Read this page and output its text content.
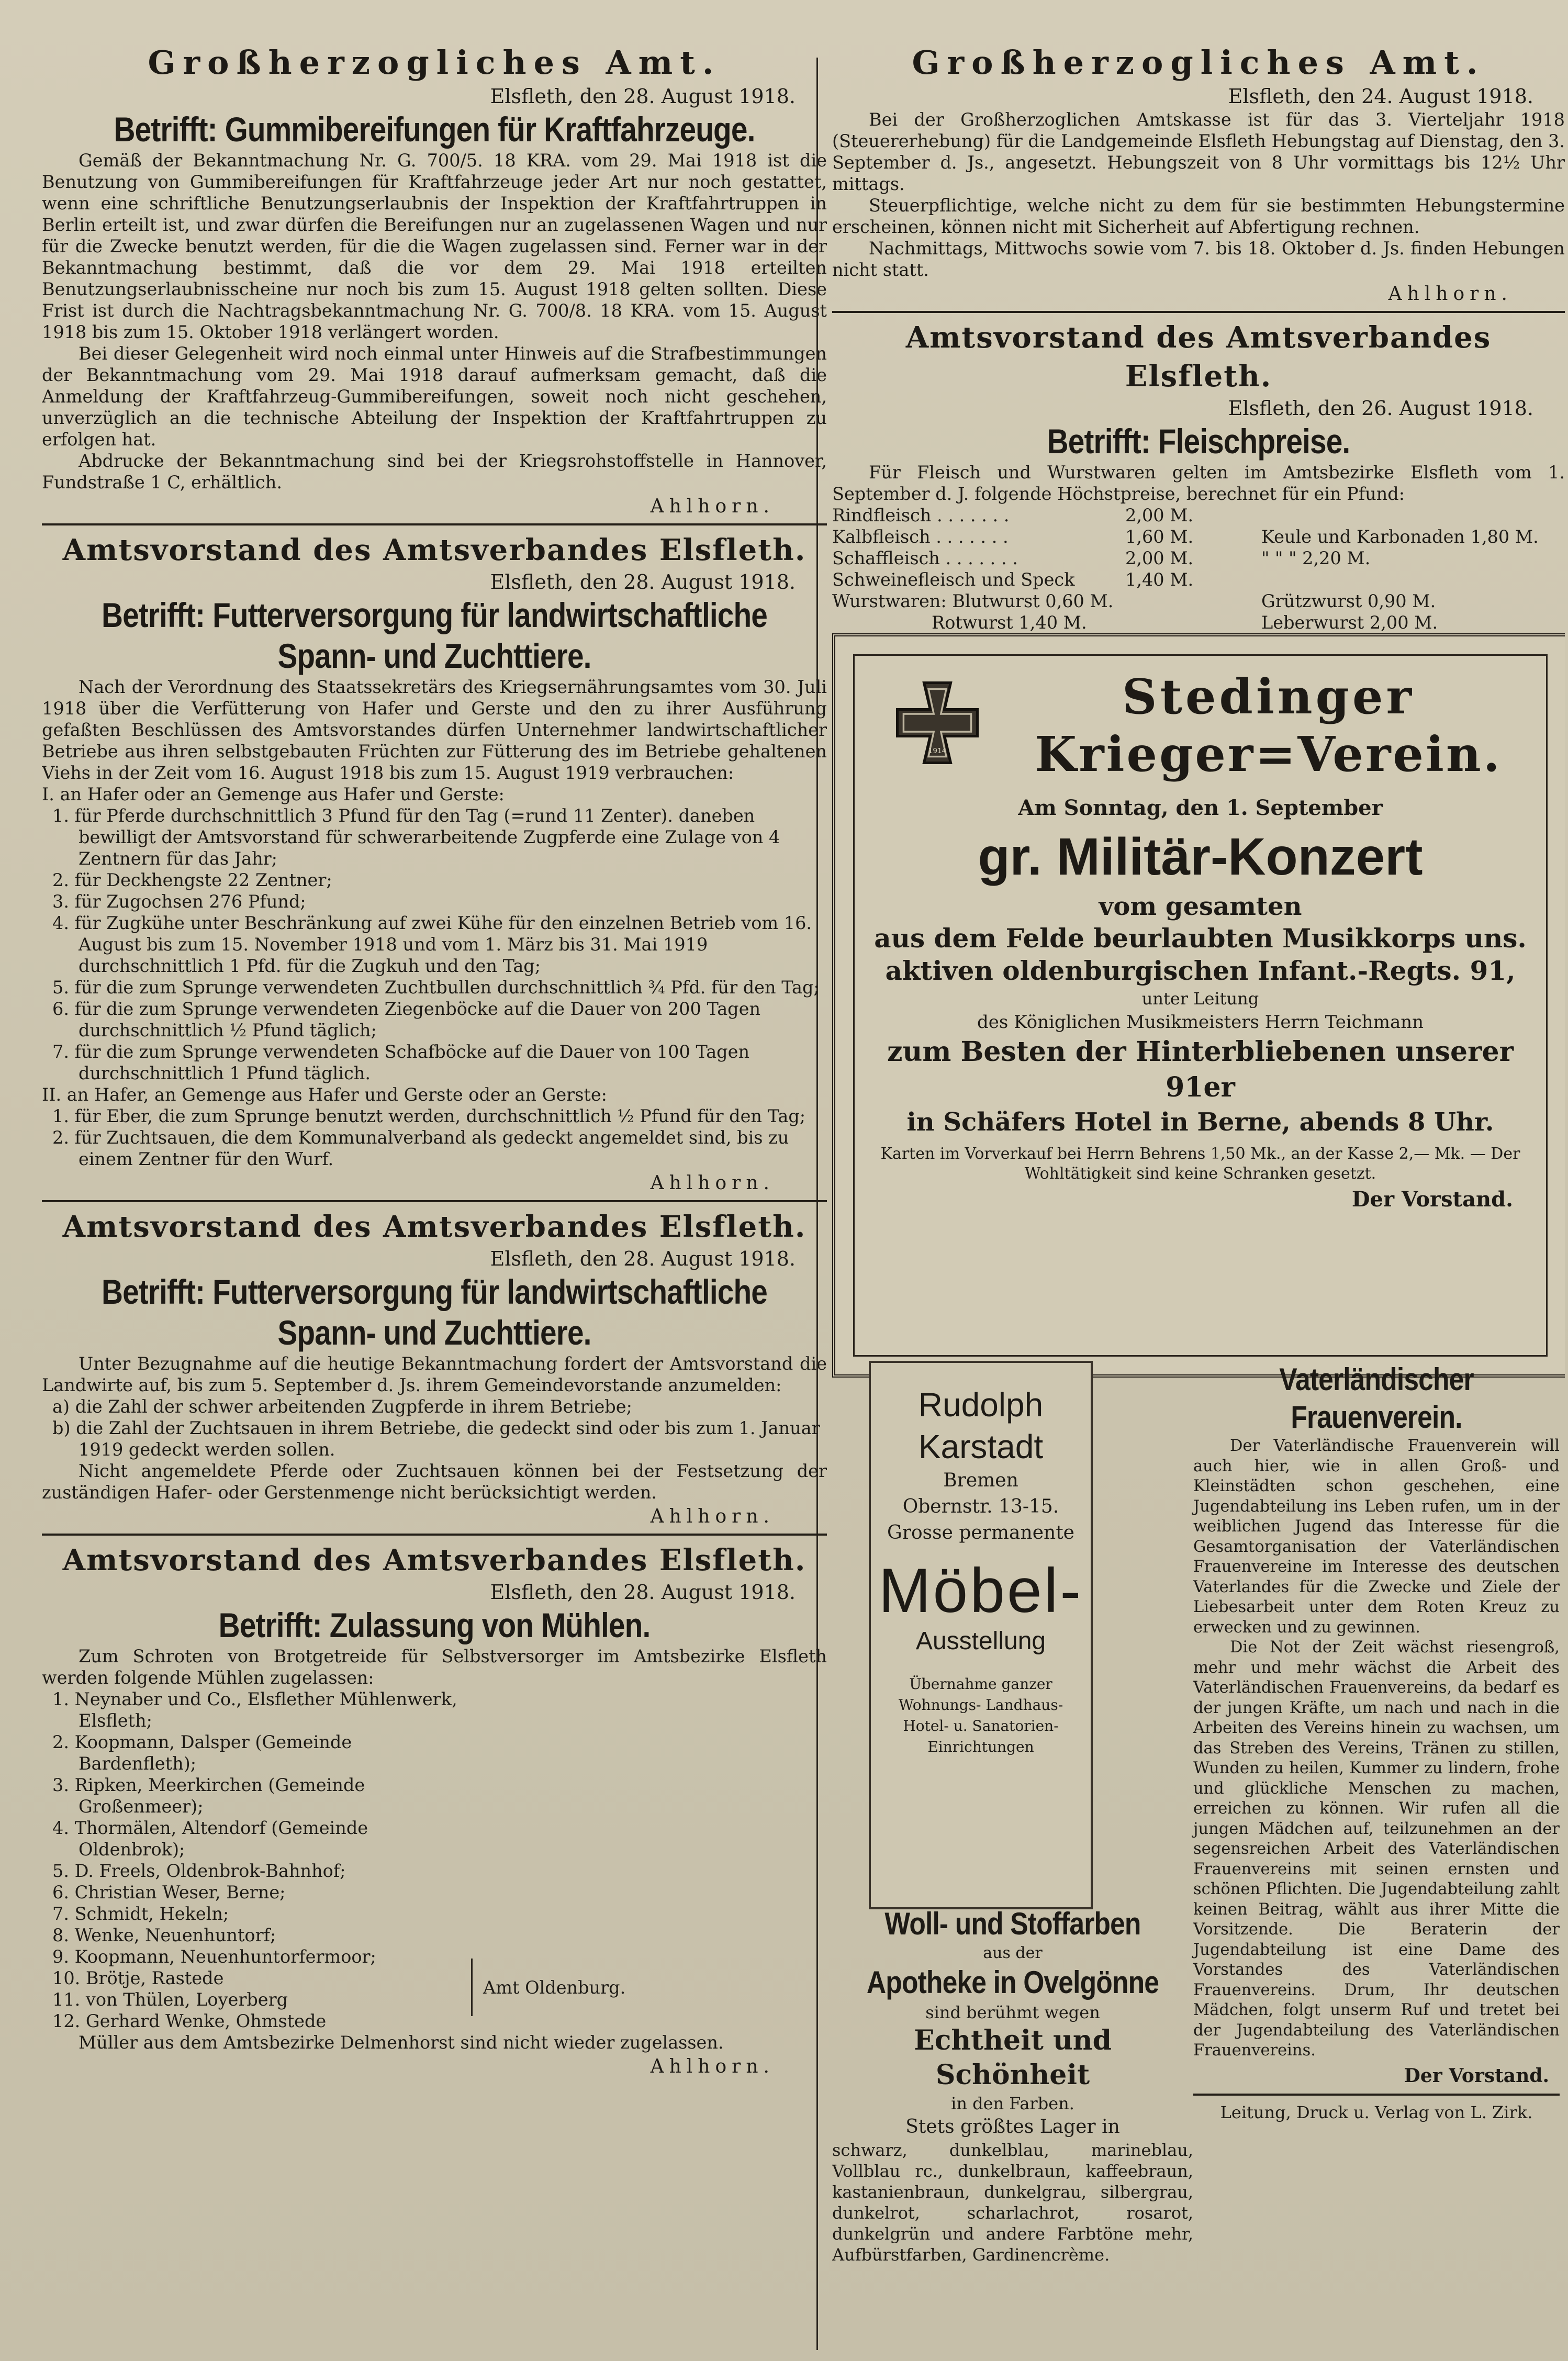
Großherzogliches Amt.
Elsfleth, den 28. August 1918.
Betrifft: Gummibereifungen für Kraftfahrzeuge.

Gemäß der Bekanntmachung Nr. G. 700/5. 18 KRA. vom 29. Mai 1918 ist die Benutzung von Gummibereifungen für Kraftfahrzeuge jeder Art nur noch gestattet, wenn eine schriftliche Benutzungserlaubnis der Inspektion der Kraftfahrtruppen in Berlin erteilt ist, und zwar dürfen die Bereifungen nur an zugelassenen Wagen und nur für die Zwecke benutzt werden, für die die Wagen zugelassen sind. Ferner war in der Bekanntmachung bestimmt, daß die vor dem 29. Mai 1918 erteilten Benutzungserlaubnisscheine nur noch bis zum 15. August 1918 gelten sollten. Diese Frist ist durch die Nachtragsbekanntmachung Nr. G. 700/8. 18 KRA. vom 15. August 1918 bis zum 15. Oktober 1918 verlängert worden.

Bei dieser Gelegenheit wird noch einmal unter Hinweis auf die Strafbestimmungen der Bekanntmachung vom 29. Mai 1918 darauf aufmerksam gemacht, daß die Anmeldung der Kraftfahrzeug-Gummibereifungen, soweit noch nicht geschehen, unverzüglich an die technische Abteilung der Inspektion der Kraftfahrtruppen zu erfolgen hat.

Abdrucke der Bekanntmachung sind bei der Kriegsrohstoffstelle in Hannover, Fundstraße 1 C, erhältlich.

Ahlhorn.
Amtsvorstand des Amtsverbandes Elsfleth.
Elsfleth, den 28. August 1918.
Betrifft: Futterversorgung für landwirtschaftliche
Spann- und Zuchttiere.

Nach der Verordnung des Staatssekretärs des Kriegsernährungsamtes vom 30. Juli 1918 über die Verfütterung von Hafer und Gerste und den zu ihrer Ausführung gefaßten Beschlüssen des Amtsvorstandes dürfen Unternehmer landwirtschaftlicher Betriebe aus ihren selbstgebauten Früchten zur Fütterung des im Betriebe gehaltenen Viehs in der Zeit vom 16. August 1918 bis zum 15. August 1919 verbrauchen:

I. an Hafer oder an Gemenge aus Hafer und Gerste:

1. für Pferde durchschnittlich 3 Pfund für den Tag (=rund 11 Zenter). daneben bewilligt der Amtsvorstand für schwerarbeitende Zugpferde eine Zulage von 4 Zentnern für das Jahr;
2. für Deckhengste 22 Zentner;
3. für Zugochsen 276 Pfund;
4. für Zugkühe unter Beschränkung auf zwei Kühe für den einzelnen Betrieb vom 16. August bis zum 15. November 1918 und vom 1. März bis 31. Mai 1919 durchschnittlich 1 Pfd. für die Zugkuh und den Tag;
5. für die zum Sprunge verwendeten Zuchtbullen durchschnittlich ¾ Pfd. für den Tag;
6. für die zum Sprunge verwendeten Ziegenböcke auf die Dauer von 200 Tagen durchschnittlich ½ Pfund täglich;
7. für die zum Sprunge verwendeten Schafböcke auf die Dauer von 100 Tagen durchschnittlich 1 Pfund täglich.

II. an Hafer, an Gemenge aus Hafer und Gerste oder an Gerste:

1. für Eber, die zum Sprunge benutzt werden, durchschnittlich ½ Pfund für den Tag;
2. für Zuchtsauen, die dem Kommunalverband als gedeckt angemeldet sind, bis zu einem Zentner für den Wurf.
Ahlhorn.
Amtsvorstand des Amtsverbandes Elsfleth.
Elsfleth, den 28. August 1918.
Betrifft: Futterversorgung für landwirtschaftliche
Spann- und Zuchttiere.

Unter Bezugnahme auf die heutige Bekanntmachung fordert der Amtsvorstand die Landwirte auf, bis zum 5. September d. Js. ihrem Gemeindevorstande anzumelden:

a) die Zahl der schwer arbeitenden Zugpferde in ihrem Betriebe;
b) die Zahl der Zuchtsauen in ihrem Betriebe, die gedeckt sind oder bis zum 1. Januar 1919 gedeckt werden sollen.

Nicht angemeldete Pferde oder Zuchtsauen können bei der Festsetzung der zuständigen Hafer- oder Gerstenmenge nicht berücksichtigt werden.

Ahlhorn.
Amtsvorstand des Amtsverbandes Elsfleth.
Elsfleth, den 28. August 1918.
Betrifft: Zulassung von Mühlen.

Zum Schroten von Brotgetreide für Selbstversorger im Amtsbezirke Elsfleth werden folgende Mühlen zugelassen:

1. Neynaber und Co., Elsflether Mühlenwerk, Elsfleth;
2. Koopmann, Dalsper (Gemeinde Bardenfleth);
3. Ripken, Meerkirchen (Gemeinde Großenmeer);
4. Thormälen, Altendorf (Gemeinde Oldenbrok);
5. D. Freels, Oldenbrok-Bahnhof;
6. Christian Weser, Berne;
7. Schmidt, Hekeln;
8. Wenke, Neuenhuntorf;
9. Koopmann, Neuenhuntorfermoor;
10. Brötje, Rastede
11. von Thülen, Loyerberg
12. Gerhard Wenke, Ohmstede
Amt Oldenburg.

Müller aus dem Amtsbezirke Delmenhorst sind nicht wieder zugelassen.

Ahlhorn.
Großherzogliches Amt.
Elsfleth, den 24. August 1918.

Bei der Großherzoglichen Amtskasse ist für das 3. Vierteljahr 1918 (Steuererhebung) für die Landgemeinde Elsfleth Hebungstag auf Dienstag, den 3. September d. Js., angesetzt. Hebungszeit von 8 Uhr vormittags bis 12½ Uhr mittags.

Steuerpflichtige, welche nicht zu dem für sie bestimmten Hebungstermine erscheinen, können nicht mit Sicherheit auf Abfertigung rechnen.

Nachmittags, Mittwochs sowie vom 7. bis 18. Oktober d. Js. finden Hebungen nicht statt.

Ahlhorn.
Amtsvorstand des Amtsverbandes Elsfleth.
Elsfleth, den 26. August 1918.
Betrifft: Fleischpreise.

Für Fleisch und Wurstwaren gelten im Amtsbezirke Elsfleth vom 1. September d. J. folgende Höchstpreise, berechnet für ein Pfund:

Rindfleisch . . . . . . .	2,00 M.
Kalbfleisch . . . . . . .	1,60 M.	Keule und Karbonaden 1,80 M.
Schaffleisch . . . . . . .	2,00 M.	" " " 2,20 M.
Schweinefleisch und Speck	1,40 M.
Wurstwaren: Blutwurst 0,60 M.	Grützwurst 0,90 M.
Rotwurst 1,40 M.	Leberwurst 2,00 M.
1914
Stedinger
Krieger=Verein.
Am Sonntag, den 1. September
gr. Militär-Konzert
vom gesamten
aus dem Felde beurlaubten Musikkorps uns.
aktiven oldenburgischen Infant.-Regts. 91,
unter Leitung
des Königlichen Musikmeisters Herrn Teichmann
zum Besten der Hinterbliebenen unserer 91er
in Schäfers Hotel in Berne, abends 8 Uhr.
Karten im Vorverkauf bei Herrn Behrens 1,50 Mk., an der Kasse 2,— Mk. — Der Wohltätigkeit sind keine Schranken gesetzt.
Der Vorstand.
Rudolph
Karstadt
Bremen
Obernstr. 13-15.
Grosse permanente
Möbel-
Ausstellung
Übernahme ganzer Wohnungs- Landhaus- Hotel- u. Sanatorien- Einrichtungen
Woll- und Stoffarben
aus der
Apotheke in Ovelgönne
sind berühmt wegen
Echtheit und Schönheit
in den Farben.
Stets größtes Lager in

schwarz, dunkelblau, marineblau, Vollblau rc., dunkelbraun, kaffeebraun, kastanienbraun, dunkelgrau, silbergrau, dunkelrot, scharlachrot, rosarot, dunkelgrün und andere Farbtöne mehr, Aufbürstfarben, Gardinencrème.

Vaterländischer
Frauenverein.

Der Vaterländische Frauenverein will auch hier, wie in allen Groß- und Kleinstädten schon geschehen, eine Jugendabteilung ins Leben rufen, um in der weiblichen Jugend das Interesse für die Gesamtorganisation der Vaterländischen Frauenvereine im Interesse des deutschen Vaterlandes für die Zwecke und Ziele der Liebesarbeit unter dem Roten Kreuz zu erwecken und zu gewinnen.

Die Not der Zeit wächst riesengroß, mehr und mehr wächst die Arbeit des Vaterländischen Frauenvereins, da bedarf es der jungen Kräfte, um nach und nach in die Arbeiten des Vereins hinein zu wachsen, um das Streben des Vereins, Tränen zu stillen, Wunden zu heilen, Kummer zu lindern, frohe und glückliche Menschen zu machen, erreichen zu können. Wir rufen all die jungen Mädchen auf, teilzunehmen an der segensreichen Arbeit des Vaterländischen Frauenvereins mit seinen ernsten und schönen Pflichten. Die Jugendabteilung zahlt keinen Beitrag, wählt aus ihrer Mitte die Vorsitzende. Die Beraterin der Jugendabteilung ist eine Dame des Vorstandes des Vaterländischen Frauenvereins. Drum, Ihr deutschen Mädchen, folgt unserm Ruf und tretet bei der Jugendabteilung des Vaterländischen Frauenvereins.

Der Vorstand.
Leitung, Druck u. Verlag von L. Zirk.
